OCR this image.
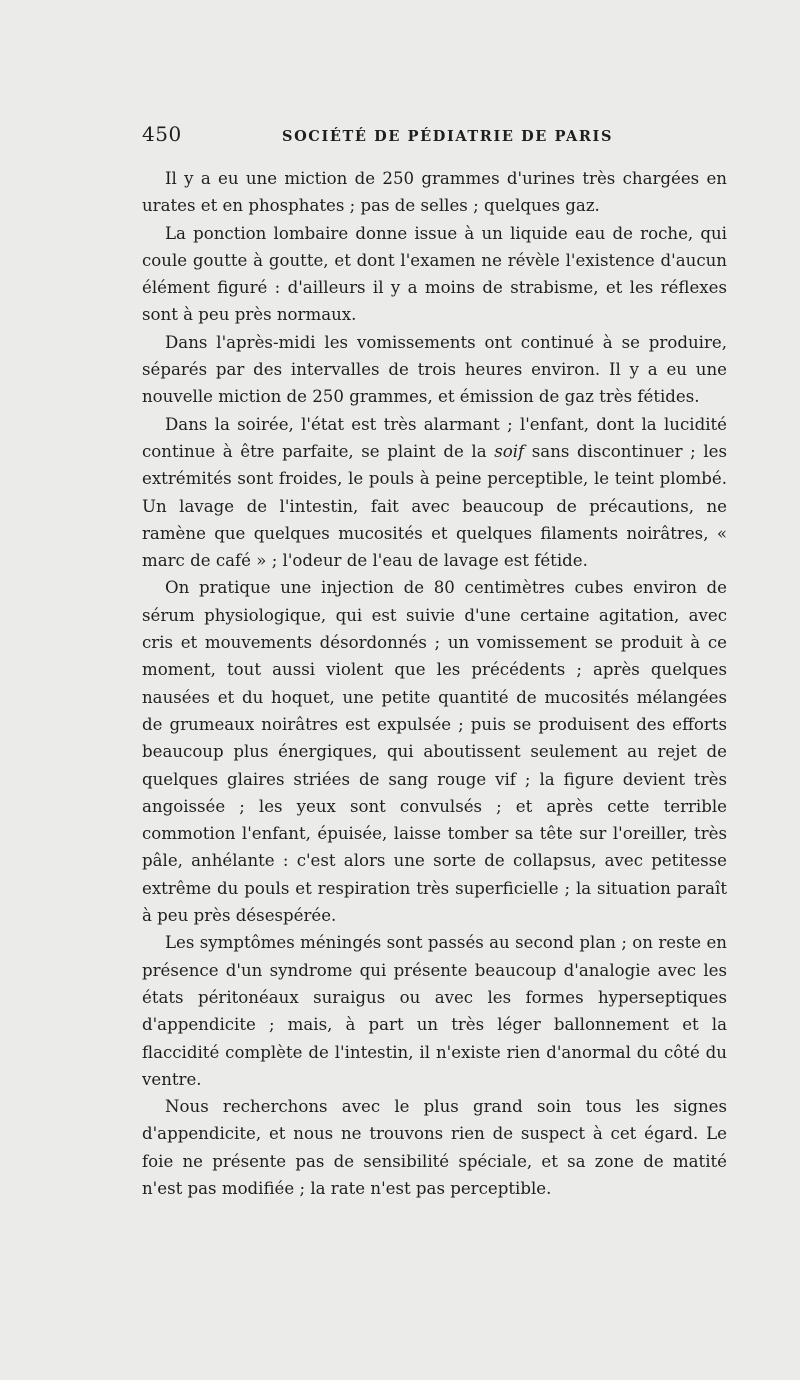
450	SOCIÉTÉ DE PÉDIATRIE DE PARIS

Il y a eu une miction de 250 grammes d'urines très chargées en urates et en phosphates ; pas de selles ; quelques gaz.

La ponction lombaire donne issue à un liquide eau de roche, qui coule goutte à goutte, et dont l'examen ne révèle l'existence d'aucun élément figuré : d'ailleurs il y a moins de strabisme, et les réflexes sont à peu près normaux.

Dans l'après-midi les vomissements ont continué à se produire, séparés par des intervalles de trois heures environ. Il y a eu une nouvelle miction de 250 grammes, et émission de gaz très fétides.

Dans la soirée, l'état est très alarmant ; l'enfant, dont la lucidité continue à être parfaite, se plaint de la soif sans discontinuer ; les extrémités sont froides, le pouls à peine perceptible, le teint plombé. Un lavage de l'intestin, fait avec beaucoup de précautions, ne ramène que quelques mucosités et quelques filaments noirâtres, « marc de café » ; l'odeur de l'eau de lavage est fétide.

On pratique une injection de 80 centimètres cubes environ de sérum physiologique, qui est suivie d'une certaine agitation, avec cris et mouvements désordonnés ; un vomissement se produit à ce moment, tout aussi violent que les précédents ; après quelques nausées et du hoquet, une petite quantité de mucosités mélangées de grumeaux noirâtres est expulsée ; puis se produisent des efforts beaucoup plus énergiques, qui aboutissent seulement au rejet de quelques glaires striées de sang rouge vif ; la figure devient très angoissée ; les yeux sont convulsés ; et après cette terrible commotion l'enfant, épuisée, laisse tomber sa tête sur l'oreiller, très pâle, anhélante : c'est alors une sorte de collapsus, avec petitesse extrême du pouls et respiration très superficielle ; la situation paraît à peu près désespérée.

Les symptômes méningés sont passés au second plan ; on reste en présence d'un syndrome qui présente beaucoup d'analogie avec les états péritonéaux suraigus ou avec les formes hyperseptiques d'appendicite ; mais, à part un très léger ballonnement et la flaccidité complète de l'intestin, il n'existe rien d'anormal du côté du ventre.

Nous recherchons avec le plus grand soin tous les signes d'appendicite, et nous ne trouvons rien de suspect à cet égard. Le foie ne présente pas de sensibilité spéciale, et sa zone de matité n'est pas modifiée ; la rate n'est pas perceptible.
